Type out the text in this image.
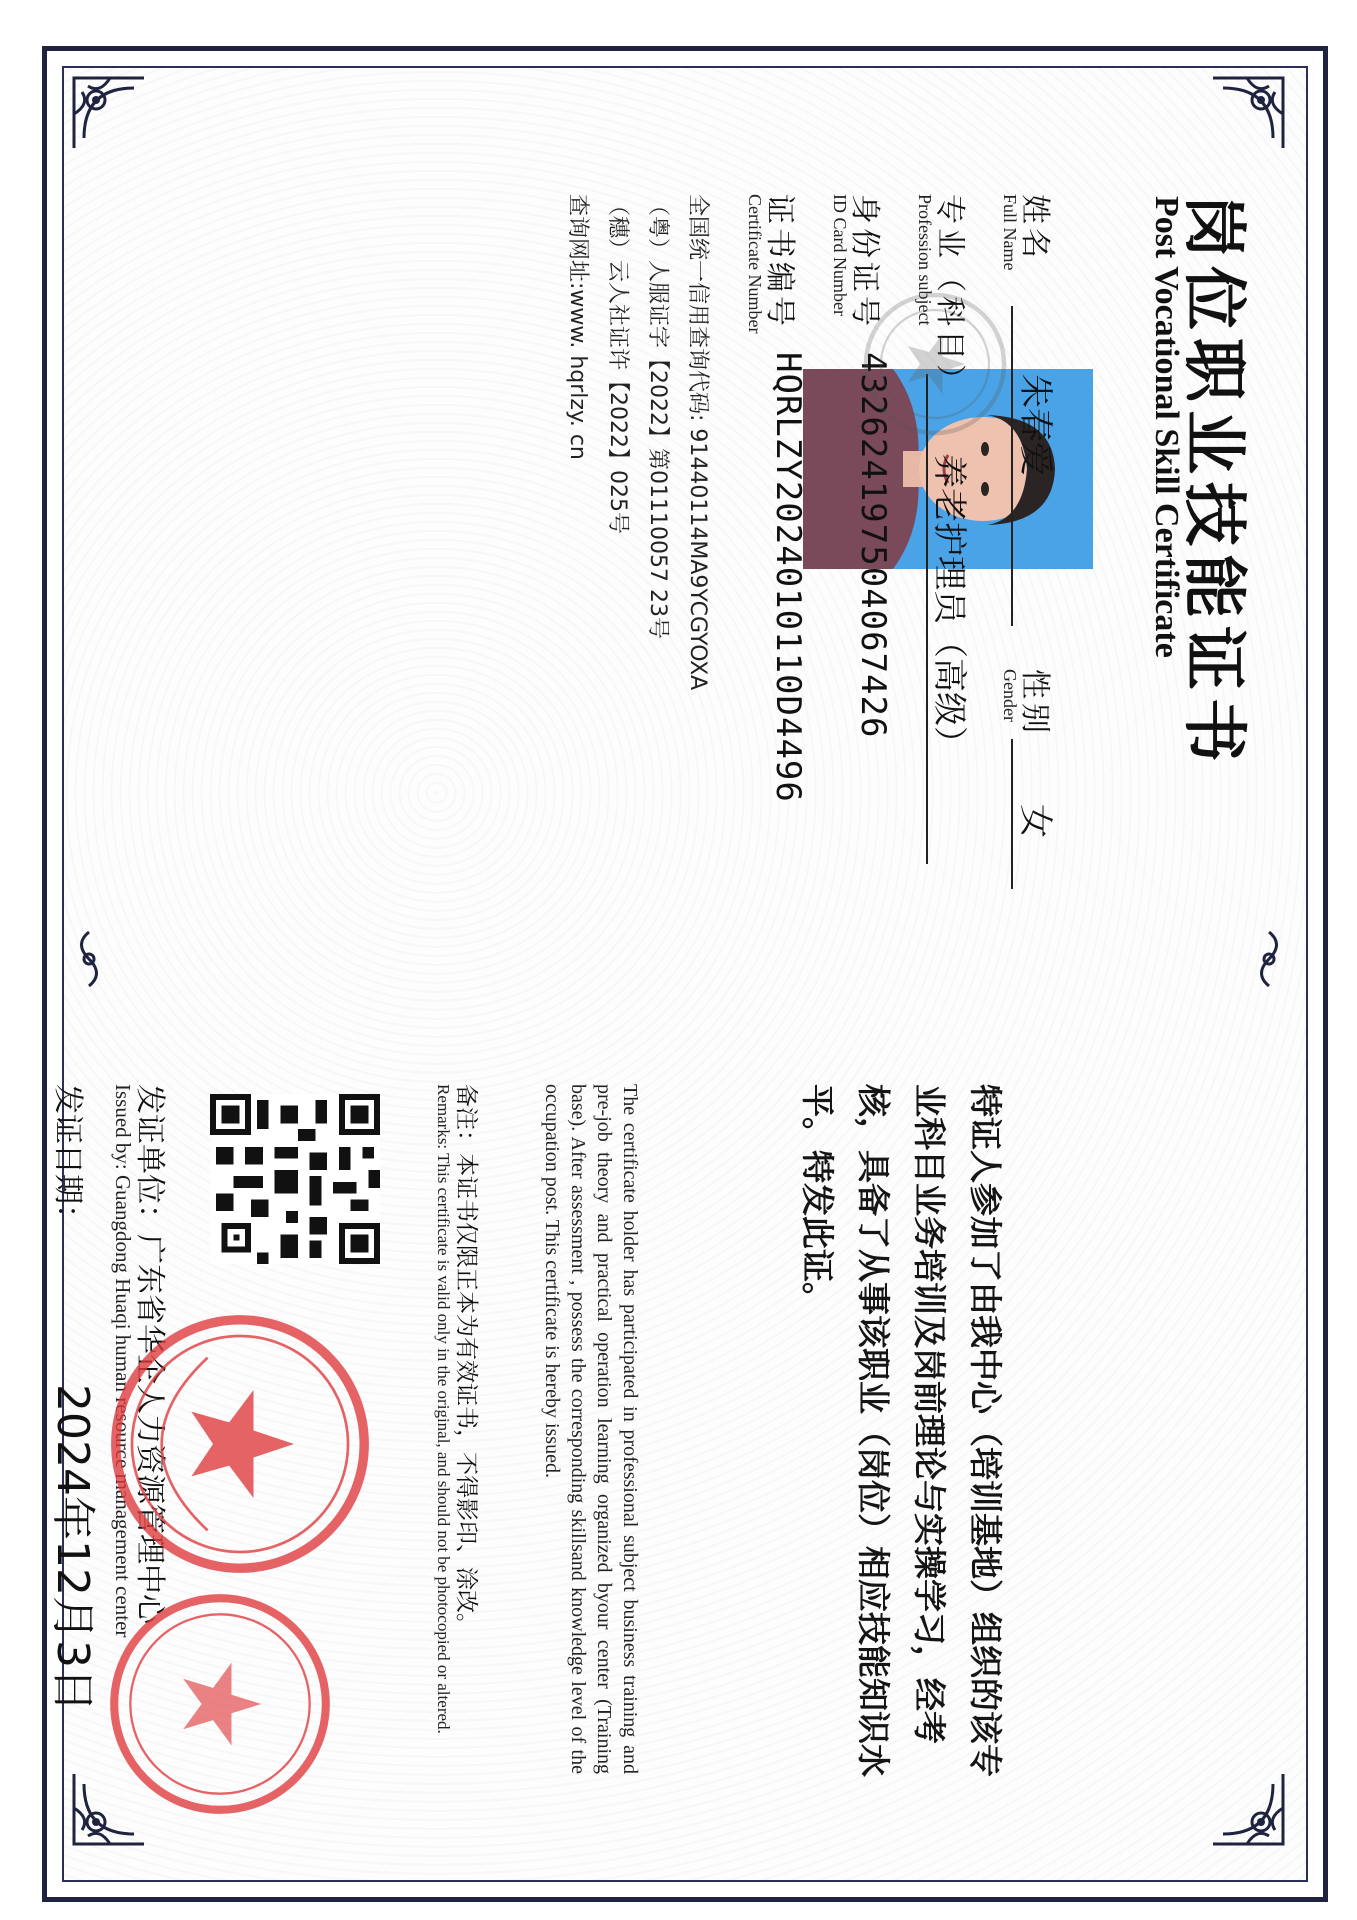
岗位职业技能证书
Post Vocational Skill Certificate
姓名
Full Name
朱春爱
性别
Gender
女
专业（科目）
Profession subject
养老护理员（高级）
身份证号
ID Card Number
432624197504067426
证书编号
Certificate Number
HQRLZY2024010110D4496
全国统一信用查询代码: 91440114MA9YCGYOXA
（粤）人服证字【2022】第01110057 23号
（穗）云人社证许【2022】025号
查询网址:www. hqrlzy. cn
特证人参加了由我中心（培训基地）组织的该专业科目业务培训及岗前理论与实操学习，经考核，具备了从事该职业（岗位）相应技能知识水平。特发此证。
The certificate holder has participated in professional subject business training and pre-job theory and practical operation learning organized byour center (Training base). After assessment , possess the corresponding skillsand knowledge level of the occupation post. This certificate is hereby issued.
备注：本证书仅限正本为有效证书，不得影印、涂改。
Remarks: This certificate is valid only in the original, and should not be photocopied or altered.
发证单位：广东省华企人力资源管理中心
Issued by: Guangdong Huaqi human resource management center
发证日期：
2024年12月3日
